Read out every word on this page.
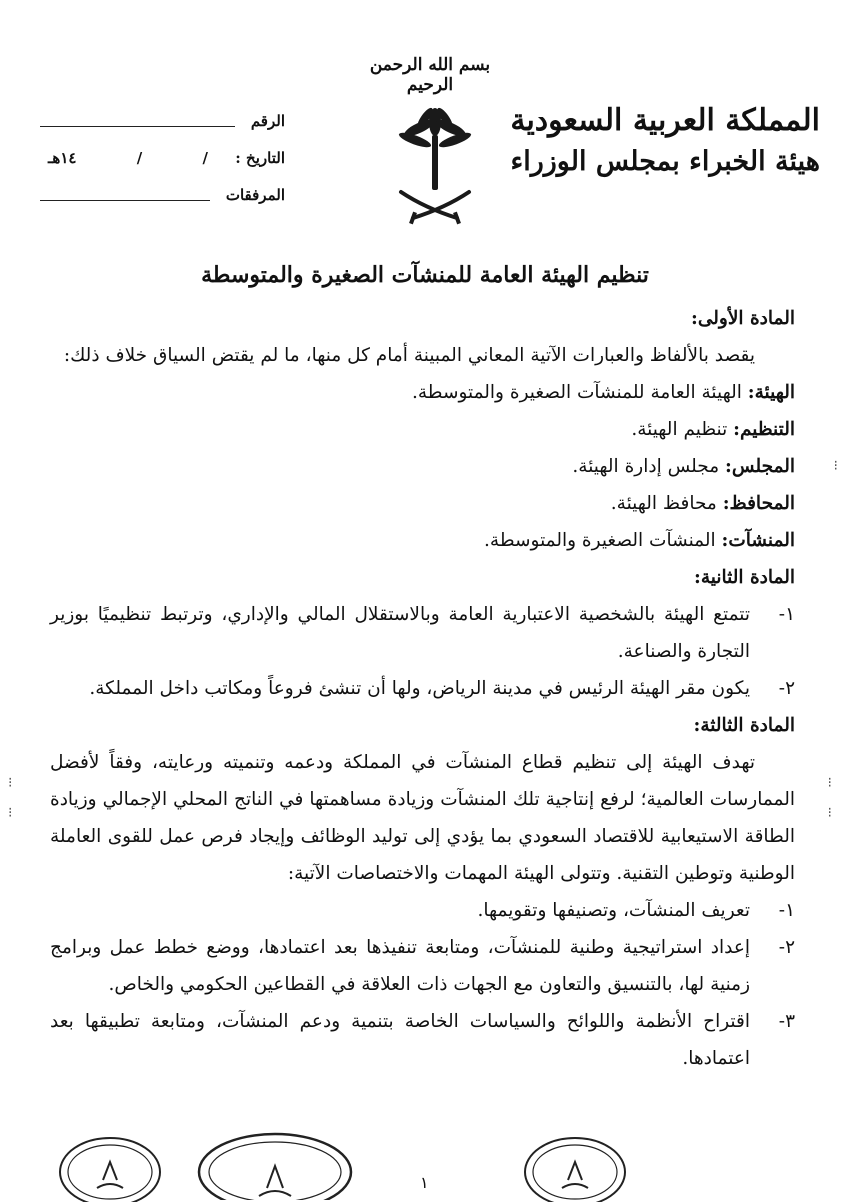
بسم الله الرحمن الرحيم
المملكة العربية السعودية
هيئة الخبراء بمجلس الوزراء
الرقم
التاريخ :
/
/
١٤هـ
المرفقات
تنظيم الهيئة العامة للمنشآت الصغيرة والمتوسطة

المادة الأولى:

يقصد بالألفاظ والعبارات الآتية المعاني المبينة أمام كل منها، ما لم يقتض السياق خلاف ذلك:

الهيئة: الهيئة العامة للمنشآت الصغيرة والمتوسطة.

التنظيم: تنظيم الهيئة.

المجلس: مجلس إدارة الهيئة.

المحافظ: محافظ الهيئة.

المنشآت: المنشآت الصغيرة والمتوسطة.

المادة الثانية:

١-تتمتع الهيئة بالشخصية الاعتبارية العامة وبالاستقلال المالي والإداري، وترتبط تنظيميًا بوزير التجارة والصناعة.

٢-يكون مقر الهيئة الرئيس في مدينة الرياض، ولها أن تنشئ فروعاً ومكاتب داخل المملكة.

المادة الثالثة:

تهدف الهيئة إلى تنظيم قطاع المنشآت في المملكة ودعمه وتنميته ورعايته، وفقاً لأفضل الممارسات العالمية؛ لرفع إنتاجية تلك المنشآت وزيادة مساهمتها في الناتج المحلي الإجمالي وزيادة الطاقة الاستيعابية للاقتصاد السعودي بما يؤدي إلى توليد الوظائف وإيجاد فرص عمل للقوى العاملة الوطنية وتوطين التقنية. وتتولى الهيئة المهمات والاختصاصات الآتية:

١-تعريف المنشآت، وتصنيفها وتقويمها.

٢-إعداد استراتيجية وطنية للمنشآت، ومتابعة تنفيذها بعد اعتمادها، ووضع خطط عمل وبرامج زمنية لها، بالتنسيق والتعاون مع الجهات ذات العلاقة في القطاعين الحكومي والخاص.

٣-اقتراح الأنظمة واللوائح والسياسات الخاصة بتنمية ودعم المنشآت، ومتابعة تطبيقها بعد اعتمادها.

⁝
⁝
⁝
⁝
⁝
١
